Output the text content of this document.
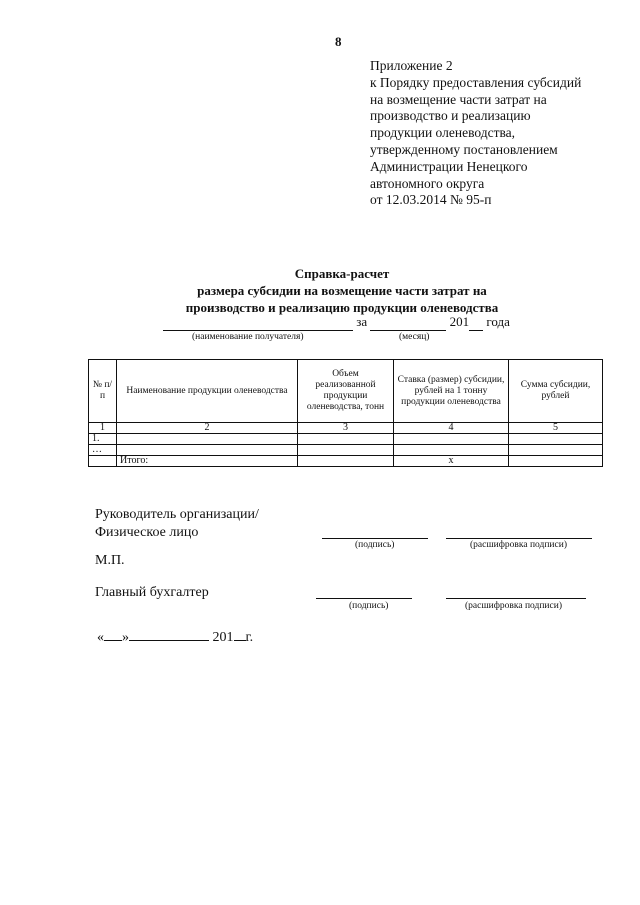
8
Приложение 2
к Порядку предоставления субсидий
на возмещение части затрат на
производство и реализацию
продукции оленеводства,
утвержденному постановлением
Администрации Ненецкого
автономного округа
от 12.03.2014 № 95-п
Справка-расчет
размера субсидии на возмещение части затрат на
производство и реализацию продукции оленеводства
за	201 года
(наименование получателя)	(месяц)
№ п/п	Наименование продукции оленеводства	Объем реализованной продукции оленеводства, тонн	Ставка (размер) субсидии, рублей на 1 тонну продукции оленеводства	Сумма субсидии, рублей
1	2	3	4	5
1.				
…				
	Итого:		x	
Руководитель организации/
Физическое лицо
(подпись)	(расшифровка подписи)
М.П.
Главный бухгалтер
(подпись)	(расшифровка подписи)
« »	201 г.
